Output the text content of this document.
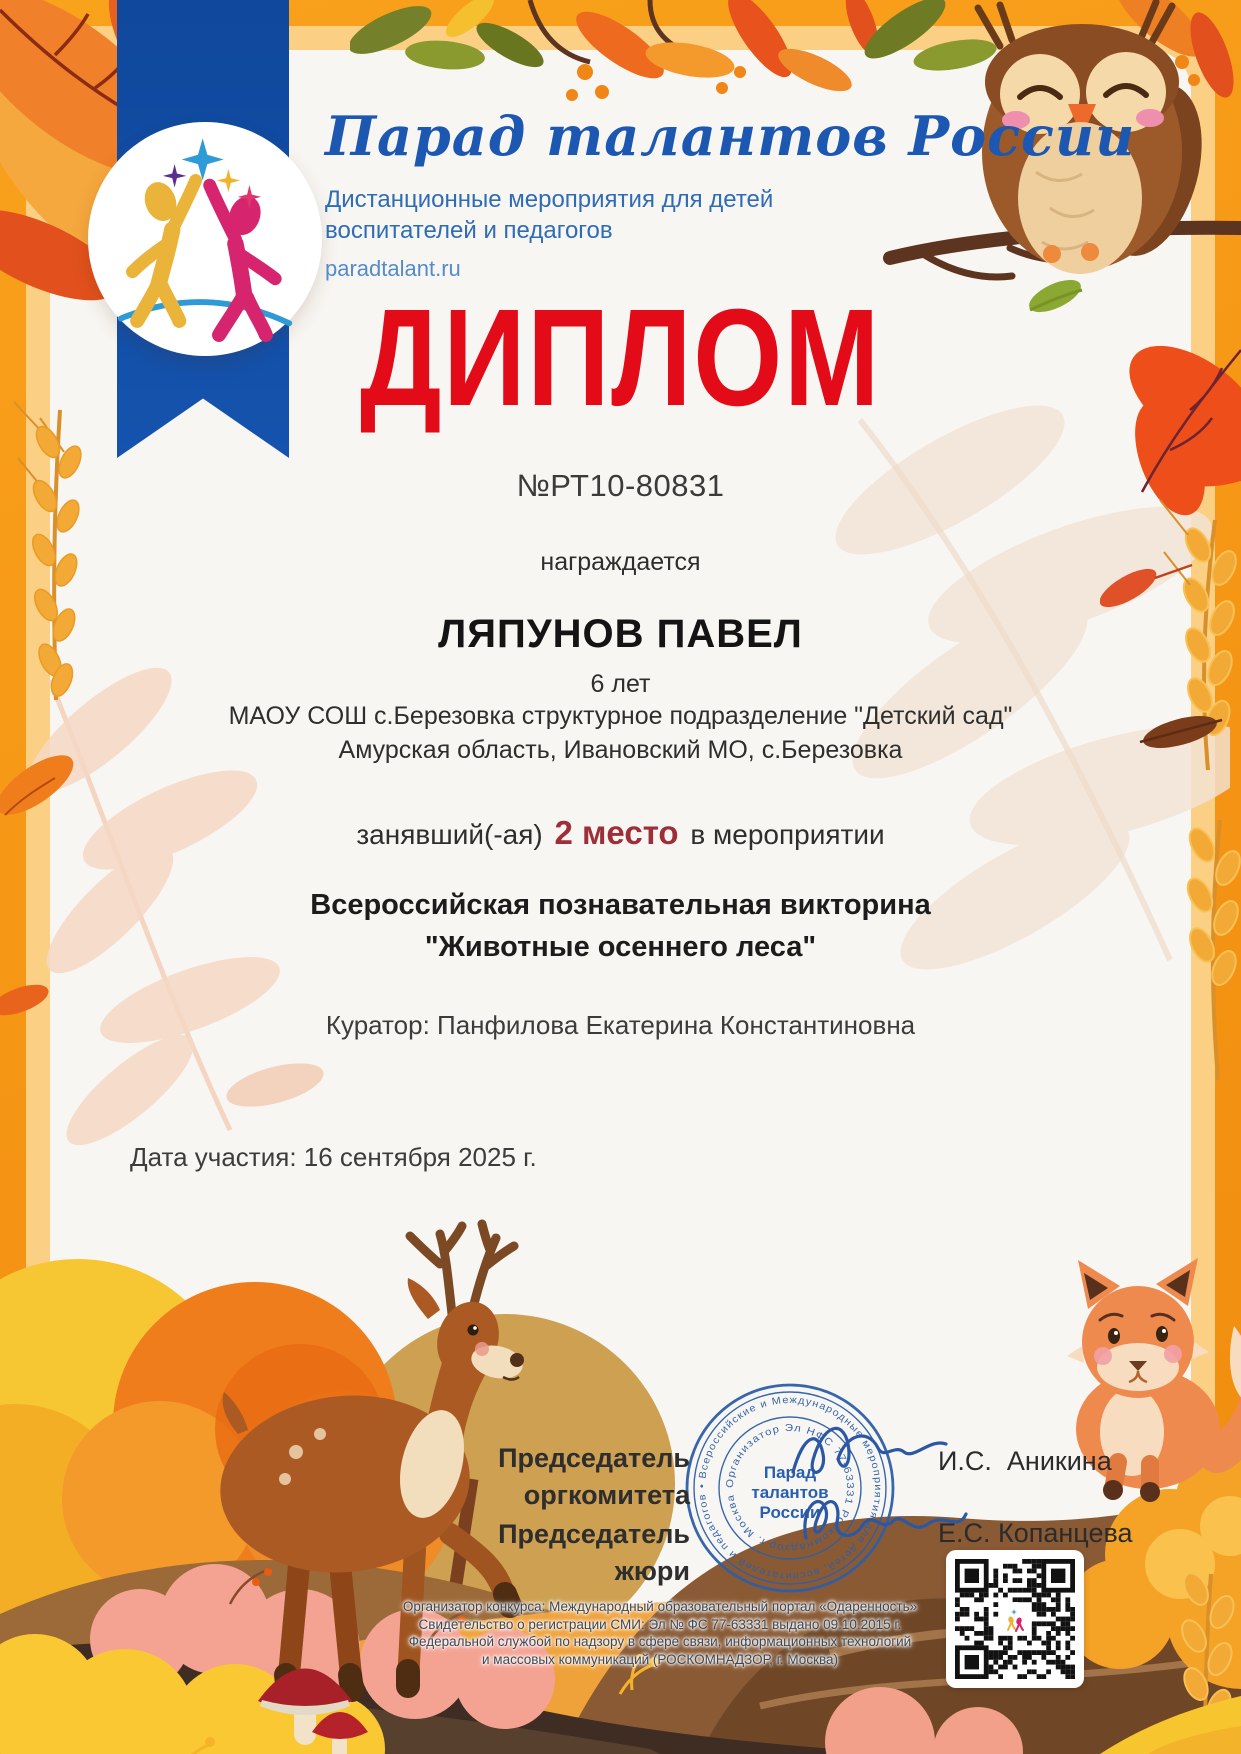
Парад талантов России
Дистанционные мероприятия для детей
воспитателей и педагогов
paradtalant.ru
ДИПЛОМ
№РТ10-80831
награждается
ЛЯПУНОВ ПАВЕЛ
6 лет
МАОУ СОШ с.Березовка структурное подразделение "Детский сад"
Амурская область, Ивановский МО, с.Березовка
занявший(-ая) 2 место в мероприятии
Всероссийская познавательная викторина "Животные осеннего леса"
Куратор: Панфилова Екатерина Константиновна
Дата участия: 16 сентября 2025 г.
Председатель оргкомитета
Председатель жюри
И.С.  Аникина
Е.С. Копанцева
• Всероссийские и Международные мероприятия для детей, воспитателей и педагогов
Организатор Эл НФС 77-63331 Роскомнадзор г. Москва
Парад
талантов
России
Организатор конкурса: Международный образовательный портал «Одаренность»
Свидетельство о регистрации СМИ: Эл № ФС 77-63331 выдано 09.10.2015 г.
Федеральной службой по надзору в сфере связи, информационных технологий
и массовых коммуникаций (РОСКОМНАДЗОР, г. Москва)
